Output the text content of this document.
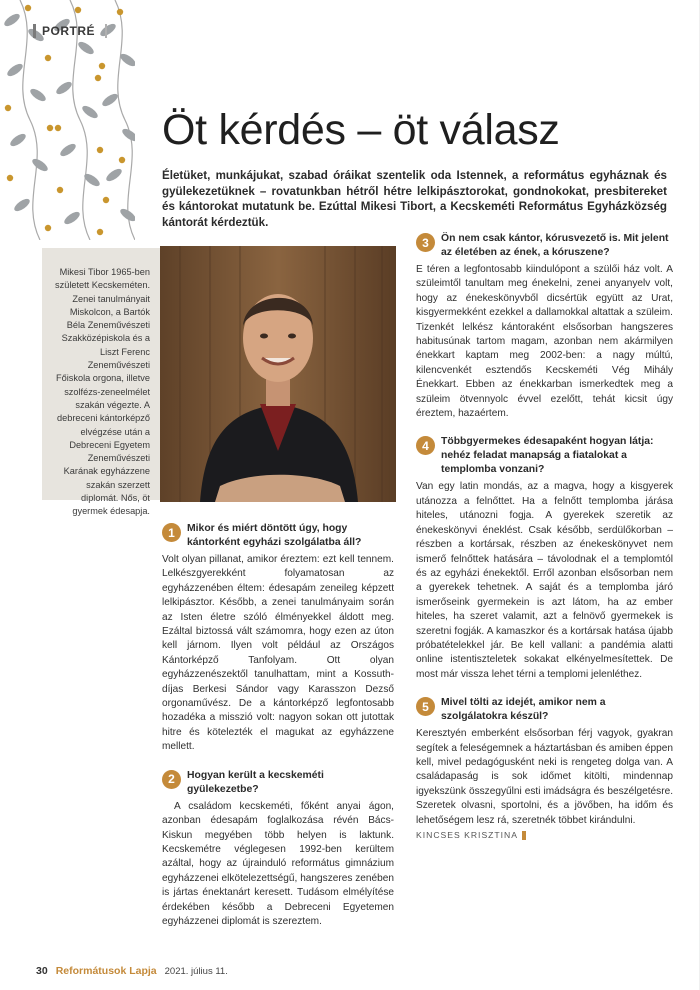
PORTRÉ
Öt kérdés – öt válasz

Életüket, munkájukat, szabad óráikat szentelik oda Istennek, a református egyháznak és gyülekezetüknek – rovatunkban hétről hétre lelkipásztorokat, gondnokokat, presbitereket és kántorokat mutatunk be. Ezúttal Mikesi Tibort, a Kecskeméti Református Egyházközség kántorát kérdeztük.

Mikesi Tibor 1965-ben született Kecskeméten. Zenei tanulmányait Miskolcon, a Bartók Béla Zeneművészeti Szakközépiskola és a Liszt Ferenc Zeneművészeti Főiskola orgona, illetve szolfézs-zeneelmélet szakán végezte. A debreceni kántorképző elvégzése után a Debreceni Egyetem Zeneművészeti Karának egyházzene szakán szerzett diplomát. Nős, öt gyermek édesapja.

1	Mikor és miért döntött úgy, hogy kántorként egyházi szolgálatba áll?

Volt olyan pillanat, amikor éreztem: ezt kell tennem. Lelkészgyerekként folyamatosan az egyházzenében éltem: édesapám zeneileg képzett lelkipásztor. Később, a zenei tanulmányaim során az Isten életre szóló élményekkel áldott meg. Ezáltal biztossá vált számomra, hogy ezen az úton kell járnom. Ilyen volt például az Országos Kántorképző Tanfolyam. Ott olyan egyházzenészektől tanulhattam, mint a Kossuth-díjas Berkesi Sándor vagy Karasszon Dezső orgonaművész. De a kántorképző legfontosabb hozadéka a misszió volt: nagyon sokan ott jutottak hitre és kötelezték el magukat az egyházzene mellett.

2	Hogyan került a kecskeméti gyülekezetbe?

A családom kecskeméti, főként anyai ágon, azonban édesapám foglalkozása révén Bács-Kiskun megyében több helyen is laktunk. Kecskemétre véglegesen 1992-ben kerültem azáltal, hogy az újrainduló református gimnázium egyházzenei elkötelezettségű, hangszeres zenében is jártas énektanárt keresett. Tudásom elmélyítése érdekében később a Debreceni Egyetemen egyházzenei diplomát is szereztem.

3	Ön nem csak kántor, kórusvezető is. Mit jelent az életében az ének, a kóruszene?

E téren a legfontosabb kiindulópont a szülői ház volt. A szüleimtől tanultam meg énekelni, zenei anyanyelv volt, hogy az énekeskönyvből dicsértük együtt az Urat, kisgyermekként ezekkel a dallamokkal altattak a szüleim. Tizenkét lelkész kántoraként elsősorban hangszeres habitusúnak tartom magam, azonban nem akármilyen énekkart kaptam meg 2002-ben: a nagy múltú, kilencvenkét esztendős Kecskeméti Vég Mihály Énekkart. Ebben az énekkarban ismerkedtek meg a szüleim ötvennyolc évvel ezelőtt, tehát kicsit úgy éreztem, hazaértem.

4	Többgyermekes édesapaként hogyan látja: nehéz feladat manapság a fiatalokat a templomba vonzani?

Van egy latin mondás, az a magva, hogy a kisgyerek utánozza a felnőttet. Ha a felnőtt templomba járása hiteles, utánozni fogja. A gyerekek szeretik az énekeskönyvi éneklést. Csak később, serdülőkorban – részben a kortársak, részben az énekeskönyvet nem ismerő felnőttek hatására – távolodnak el a templomtól és az egyházi énekektől. Erről azonban elsősorban nem a gyerekek tehetnek. A saját és a templomba járó ismerőseink gyermekein is azt látom, ha az ember hiteles, ha szeret valamit, azt a felnövő gyermekek is szeretni fogják. A kamaszkor és a kortársak hatása újabb próbatételekkel jár. Be kell vallani: a pandémia alatti online istentiszteletek sokakat elkényelmesítettek. De most már vissza lehet térni a templomi jelenléthez.

5	Mivel tölti az idejét, amikor nem a szolgálatokra készül?

Keresztyén emberként elsősorban férj vagyok, gyakran segítek a feleségemnek a háztartásban és amiben éppen kell, mivel pedagógusként neki is rengeteg dolga van. A családapaság is sok időmet kitölti, mindennap igyekszünk összegyűlni esti imádságra és beszélgetésre. Szeretek olvasni, sportolni, és a jövőben, ha időm és lehetőségem lesz rá, szeretnék többet kirándulni.

KINCSES KRISZTINA
30 Reformátusok Lapja 2021. július 11.
